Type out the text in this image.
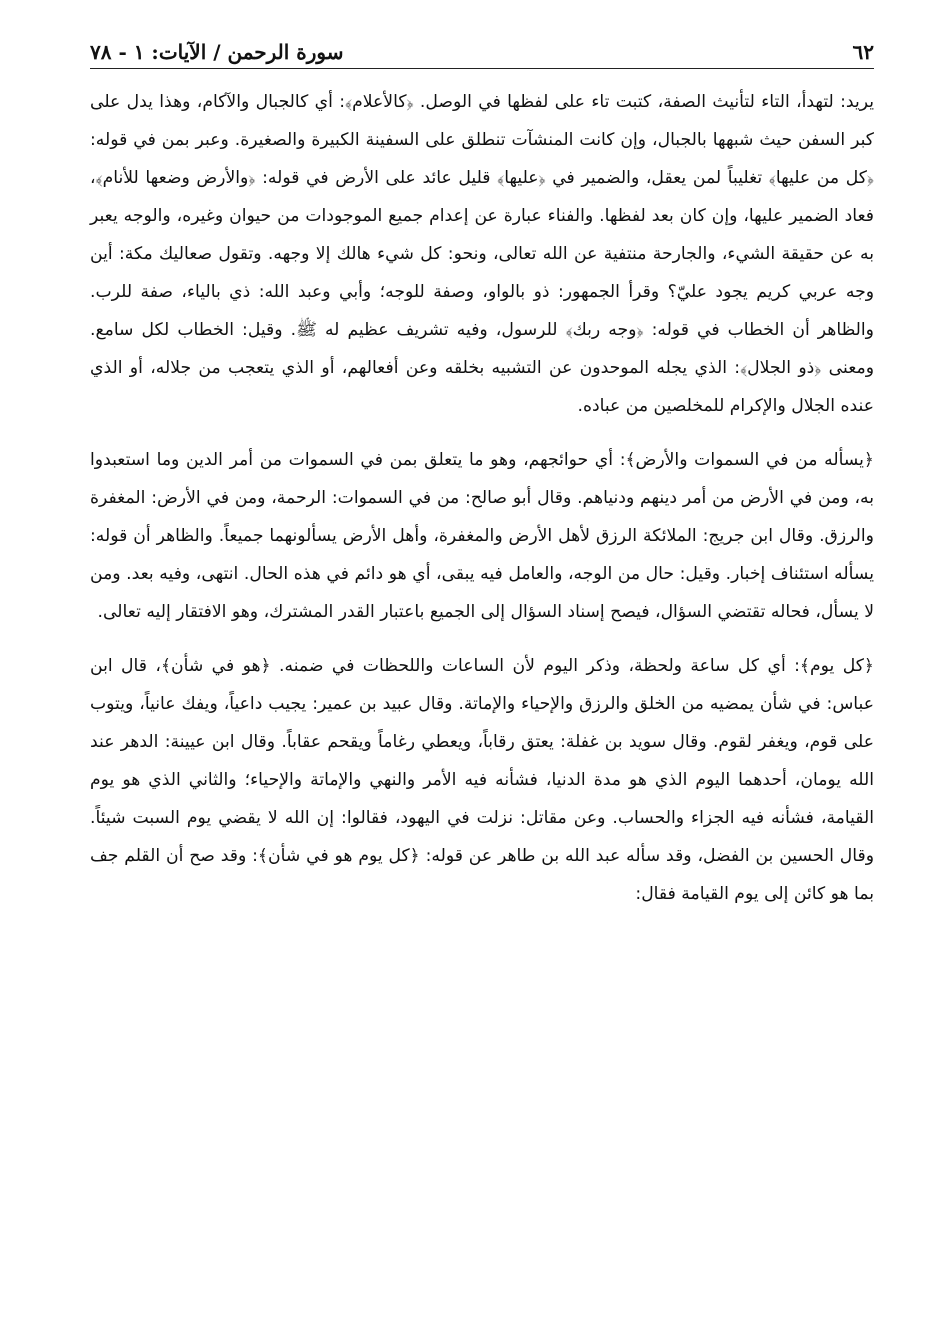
٦٢
سورة الرحمن / الآيات: ١ - ٧٨

يريد: لتهدأ، التاء لتأنيث الصفة، كتبت تاء على لفظها في الوصل. ﴿كالأعلام﴾: أي كالجبال والآكام، وهذا يدل على كبر السفن حيث شبهها بالجبال، وإن كانت المنشآت تنطلق على السفينة الكبيرة والصغيرة. وعبر بمن في قوله: ﴿كل من عليها﴾ تغليباً لمن يعقل، والضمير في ﴿عليها﴾ قليل عائد على الأرض في قوله: ﴿والأرض وضعها للأنام﴾، فعاد الضمير عليها، وإن كان بعد لفظها. والفناء عبارة عن إعدام جميع الموجودات من حيوان وغيره، والوجه يعبر به عن حقيقة الشيء، والجارحة منتفية عن الله تعالى، ونحو: كل شيء هالك إلا وجهه. وتقول صعاليك مكة: أين وجه عربي كريم يجود عليّ؟ وقرأ الجمهور: ذو بالواو، وصفة للوجه؛ وأبي وعبد الله: ذي بالياء، صفة للرب. والظاهر أن الخطاب في قوله: ﴿وجه ربك﴾ للرسول، وفيه تشريف عظيم له ﷺ. وقيل: الخطاب لكل سامع. ومعنى ﴿ذو الجلال﴾: الذي يجله الموحدون عن التشبيه بخلقه وعن أفعالهم، أو الذي يتعجب من جلاله، أو الذي عنده الجلال والإكرام للمخلصين من عباده.

﴿يسأله من في السموات والأرض﴾: أي حوائجهم، وهو ما يتعلق بمن في السموات من أمر الدين وما استعبدوا به، ومن في الأرض من أمر دينهم ودنياهم. وقال أبو صالح: من في السموات: الرحمة، ومن في الأرض: المغفرة والرزق. وقال ابن جريج: الملائكة الرزق لأهل الأرض والمغفرة، وأهل الأرض يسألونهما جميعاً. والظاهر أن قوله: يسأله استئناف إخبار. وقيل: حال من الوجه، والعامل فيه يبقى، أي هو دائم في هذه الحال. انتهى، وفيه بعد. ومن لا يسأل، فحاله تقتضي السؤال، فيصح إسناد السؤال إلى الجميع باعتبار القدر المشترك، وهو الافتقار إليه تعالى.

﴿كل يوم﴾: أي كل ساعة ولحظة، وذكر اليوم لأن الساعات واللحظات في ضمنه. ﴿هو في شأن﴾، قال ابن عباس: في شأن يمضيه من الخلق والرزق والإحياء والإماتة. وقال عبيد بن عمير: يجيب داعياً، ويفك عانياً، ويتوب على قوم، ويغفر لقوم. وقال سويد بن غفلة: يعتق رقاباً، ويعطي رغاماً ويقحم عقاباً. وقال ابن عيينة: الدهر عند الله يومان، أحدهما اليوم الذي هو مدة الدنيا، فشأنه فيه الأمر والنهي والإماتة والإحياء؛ والثاني الذي هو يوم القيامة، فشأنه فيه الجزاء والحساب. وعن مقاتل: نزلت في اليهود، فقالوا: إن الله لا يقضي يوم السبت شيئاً. وقال الحسين بن الفضل، وقد سأله عبد الله بن طاهر عن قوله: ﴿كل يوم هو في شأن﴾: وقد صح أن القلم جف بما هو كائن إلى يوم القيامة فقال:
